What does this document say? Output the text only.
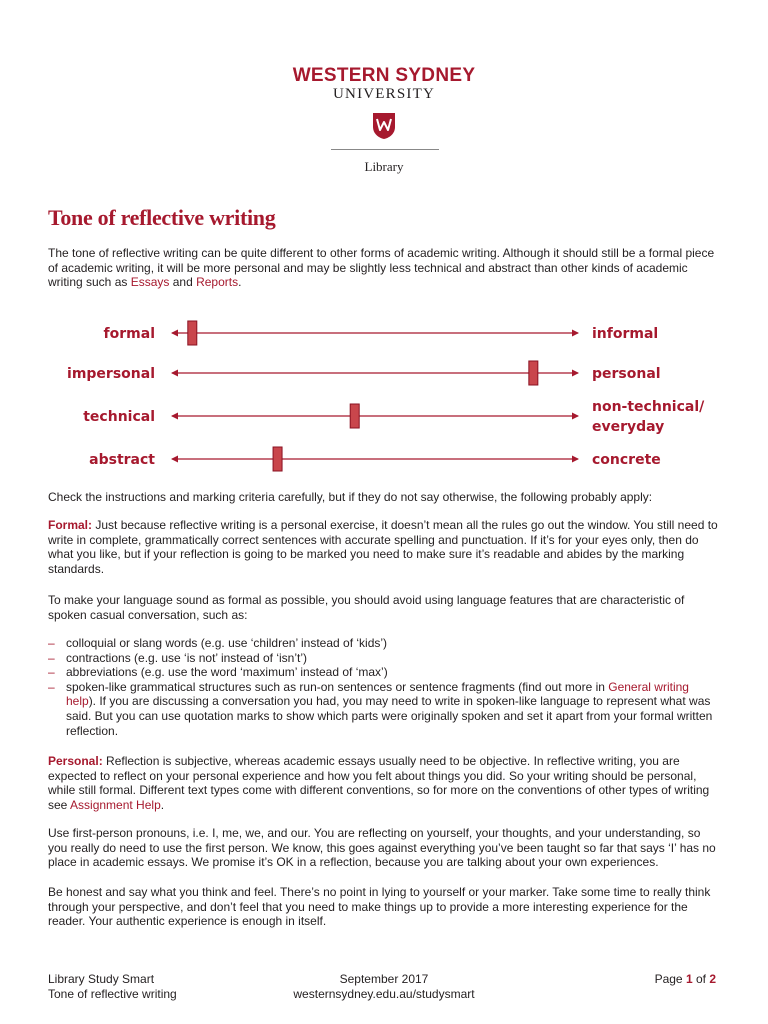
WESTERN SYDNEY
UNIVERSITY
Library
Tone of reflective writing

The tone of reflective writing can be quite different to other forms of academic writing. Although it should still be a formal piece of academic writing, it will be more personal and may be slightly less technical and abstract than other kinds of academic writing such as Essays and Reports.

formal	informal
impersonal	personal
technical
non-technical/
everyday
abstract	concrete

Check the instructions and marking criteria carefully, but if they do not say otherwise, the following probably apply:

Formal: Just because reflective writing is a personal exercise, it doesn’t mean all the rules go out the window. You still need to write in complete, grammatically correct sentences with accurate spelling and punctuation. If it’s for your eyes only, then do what you like, but if your reflection is going to be marked you need to make sure it’s readable and abides by the marking standards.

To make your language sound as formal as possible, you should avoid using language features that are characteristic of spoken casual conversation, such as:

– colloquial or slang words (e.g. use ‘children’ instead of ‘kids’)
– contractions (e.g. use ‘is not’ instead of ‘isn’t’)
– abbreviations (e.g. use the word ‘maximum’ instead of ‘max’)
– spoken-like grammatical structures such as run-on sentences or sentence fragments (find out more in General writing help). If you are discussing a conversation you had, you may need to write in spoken-like language to represent what was said. But you can use quotation marks to show which parts were originally spoken and set it apart from your formal written reflection.

Personal: Reflection is subjective, whereas academic essays usually need to be objective. In reflective writing, you are expected to reflect on your personal experience and how you felt about things you did. So your writing should be personal, while still formal. Different text types come with different conventions, so for more on the conventions of other types of writing see Assignment Help.

Use first-person pronouns, i.e. I, me, we, and our. You are reflecting on yourself, your thoughts, and your understanding, so you really do need to use the first person. We know, this goes against everything you’ve been taught so far that says ‘I’ has no place in academic essays. We promise it’s OK in a reflection, because you are talking about your own experiences.

Be honest and say what you think and feel. There’s no point in lying to yourself or your marker. Take some time to really think through your perspective, and don’t feel that you need to make things up to provide a more interesting experience for the reader. Your authentic experience is enough in itself.

Library Study Smart
Tone of reflective writing
September 2017
westernsydney.edu.au/studysmart
Page 1 of 2
